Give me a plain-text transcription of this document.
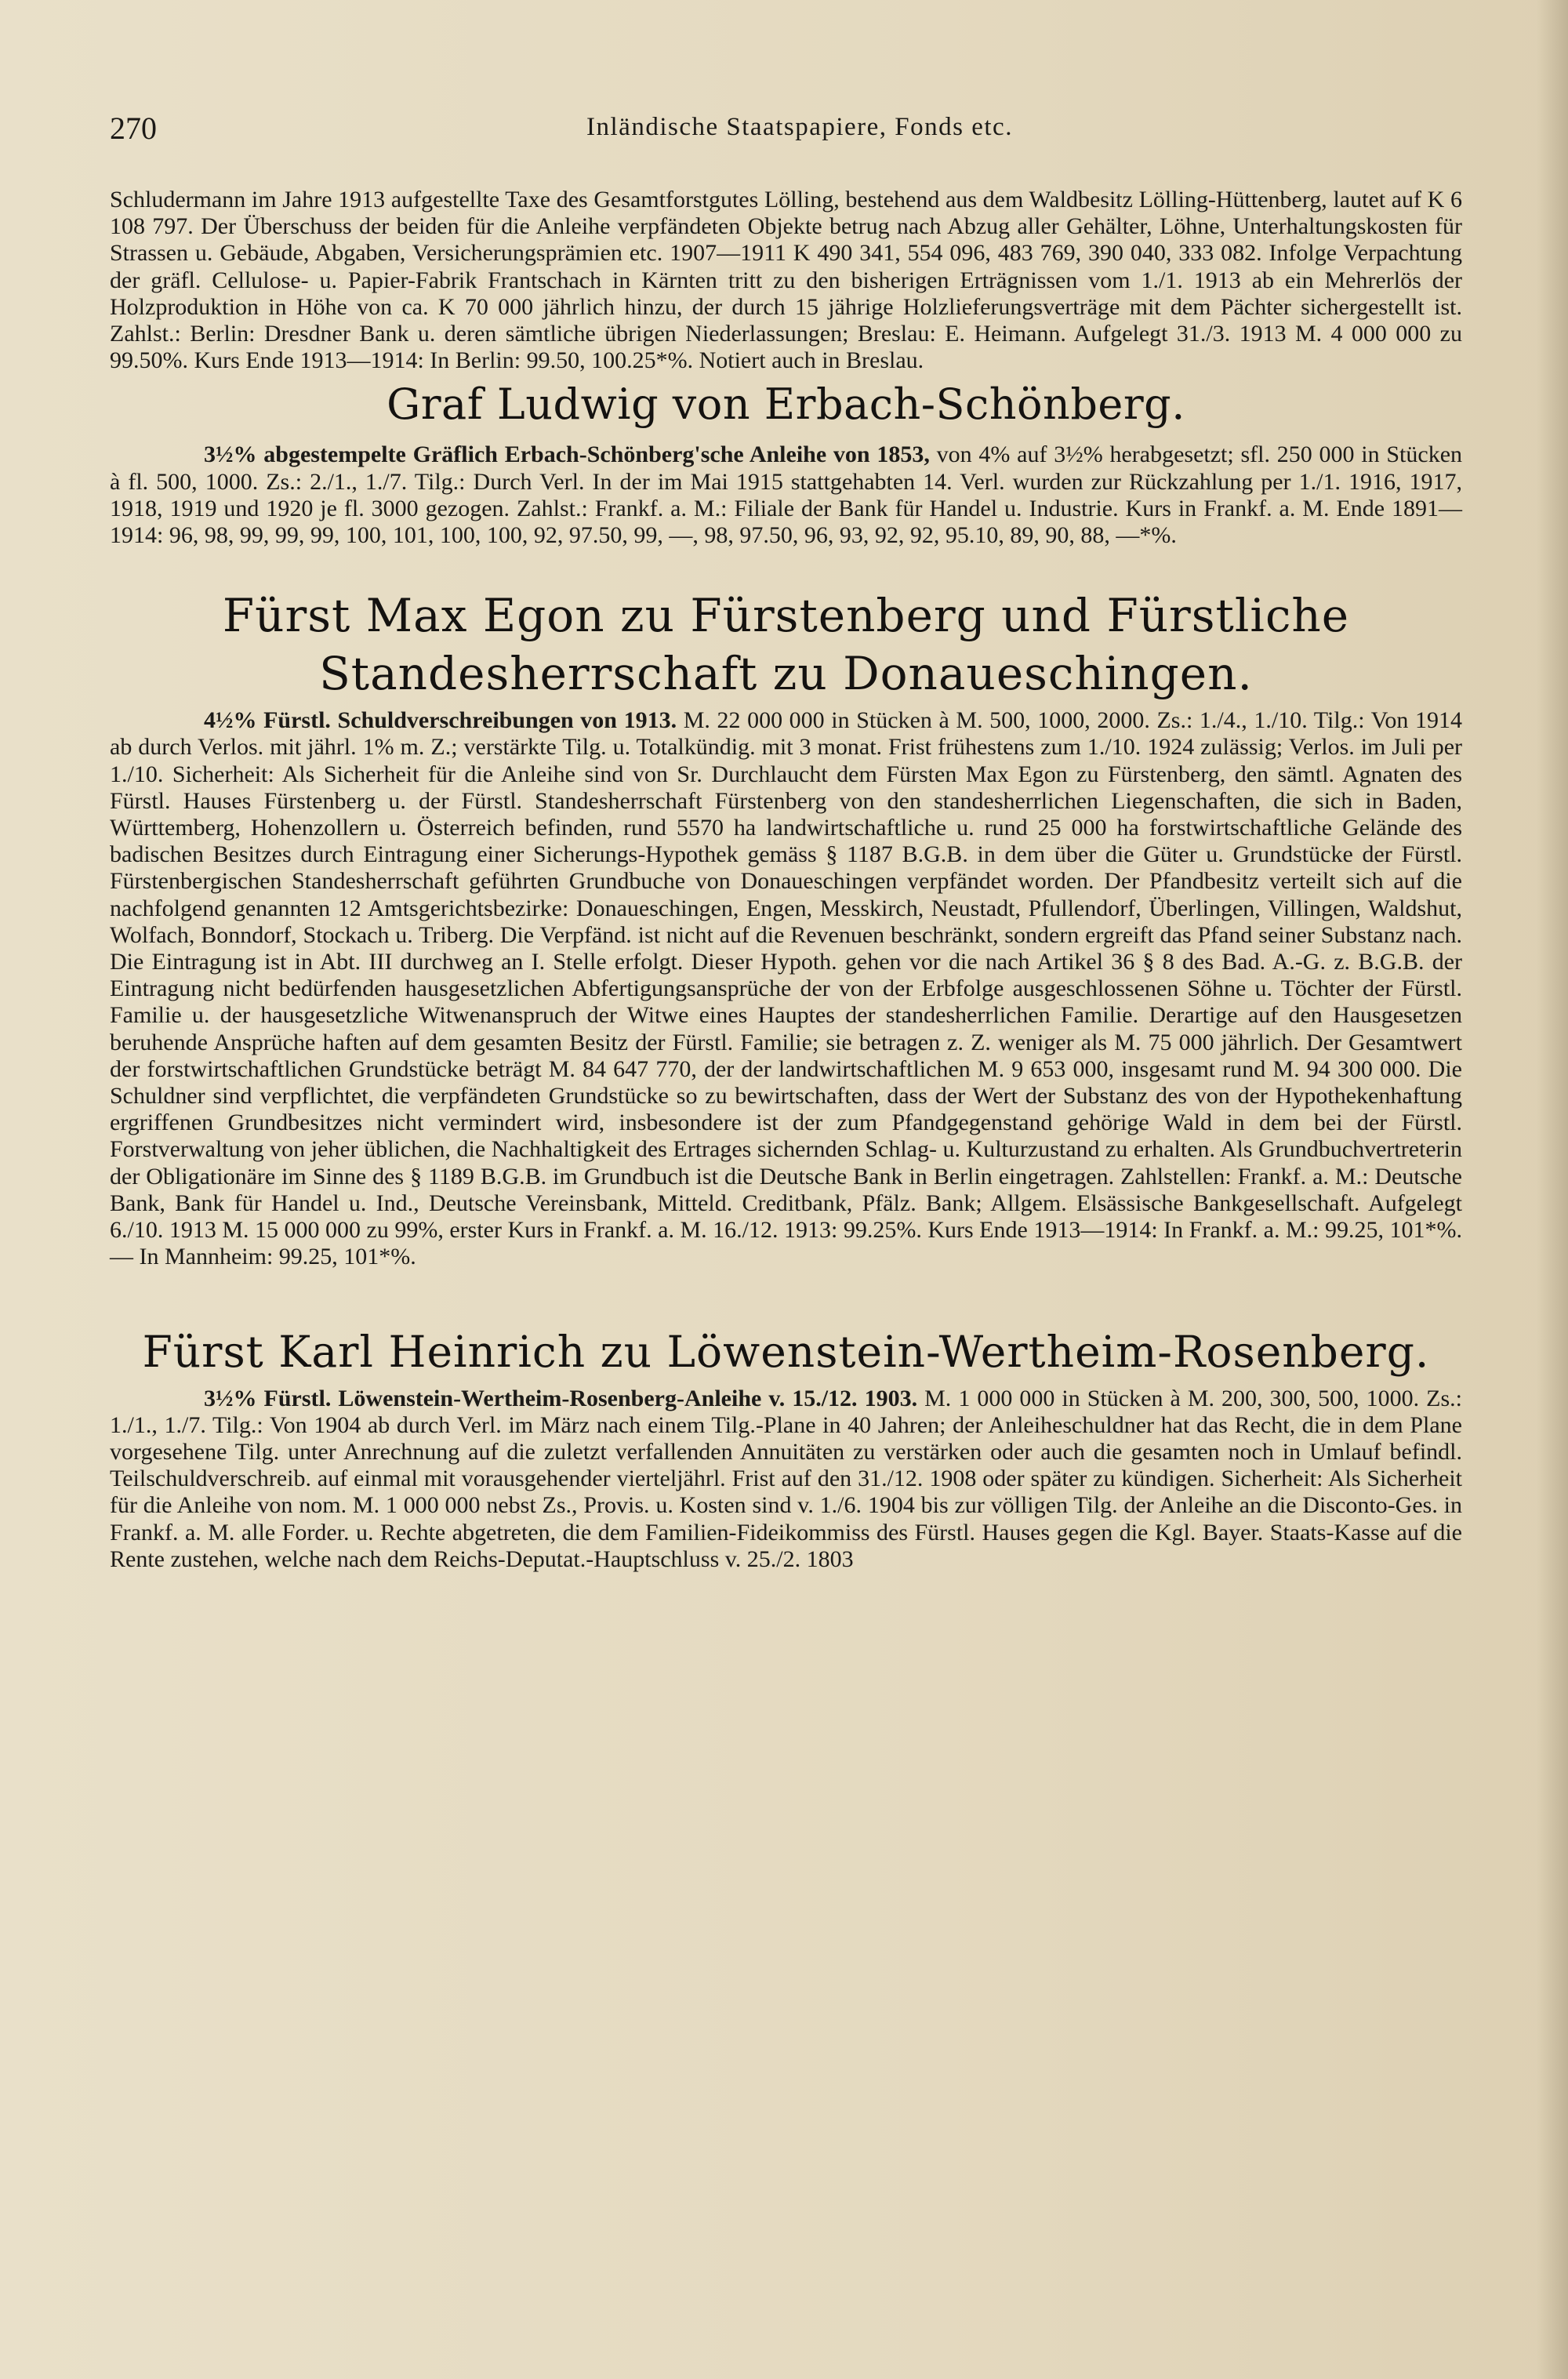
270	Inländische Staatspapiere, Fonds etc.

Schludermann im Jahre 1913 aufgestellte Taxe des Gesamtforstgutes Lölling, bestehend aus dem Waldbesitz Lölling-Hüttenberg, lautet auf K 6 108 797. Der Überschuss der beiden für die Anleihe verpfändeten Objekte betrug nach Abzug aller Gehälter, Löhne, Unterhaltungskosten für Strassen u. Gebäude, Abgaben, Versicherungsprämien etc. 1907—1911 K 490 341, 554 096, 483 769, 390 040, 333 082. Infolge Verpachtung der gräfl. Cellulose- u. Papier-Fabrik Frantschach in Kärnten tritt zu den bisherigen Erträgnissen vom 1./1. 1913 ab ein Mehrerlös der Holzproduktion in Höhe von ca. K 70 000 jährlich hinzu, der durch 15 jährige Holzlieferungsverträge mit dem Pächter sichergestellt ist. Zahlst.: Berlin: Dresdner Bank u. deren sämtliche übrigen Niederlassungen; Breslau: E. Heimann. Aufgelegt 31./3. 1913 M. 4 000 000 zu 99.50%. Kurs Ende 1913—1914: In Berlin: 99.50, 100.25*%. Notiert auch in Breslau.

Graf Ludwig von Erbach-Schönberg.

3½% abgestempelte Gräflich Erbach-Schönberg'sche Anleihe von 1853, von 4% auf 3½% herabgesetzt; sfl. 250 000 in Stücken à fl. 500, 1000. Zs.: 2./1., 1./7. Tilg.: Durch Verl. In der im Mai 1915 stattgehabten 14. Verl. wurden zur Rückzahlung per 1./1. 1916, 1917, 1918, 1919 und 1920 je fl. 3000 gezogen. Zahlst.: Frankf. a. M.: Filiale der Bank für Handel u. Industrie. Kurs in Frankf. a. M. Ende 1891—1914: 96, 98, 99, 99, 99, 100, 101, 100, 100, 92, 97.50, 99, —, 98, 97.50, 96, 93, 92, 92, 95.10, 89, 90, 88, —*%.

Fürst Max Egon zu Fürstenberg und Fürstliche Standesherrschaft zu Donaueschingen.

4½% Fürstl. Schuldverschreibungen von 1913. M. 22 000 000 in Stücken à M. 500, 1000, 2000. Zs.: 1./4., 1./10. Tilg.: Von 1914 ab durch Verlos. mit jährl. 1% m. Z.; verstärkte Tilg. u. Totalkündig. mit 3 monat. Frist frühestens zum 1./10. 1924 zulässig; Verlos. im Juli per 1./10. Sicherheit: Als Sicherheit für die Anleihe sind von Sr. Durchlaucht dem Fürsten Max Egon zu Fürstenberg, den sämtl. Agnaten des Fürstl. Hauses Fürstenberg u. der Fürstl. Standesherrschaft Fürstenberg von den standesherrlichen Liegenschaften, die sich in Baden, Württemberg, Hohenzollern u. Österreich befinden, rund 5570 ha landwirtschaftliche u. rund 25 000 ha forstwirtschaftliche Gelände des badischen Besitzes durch Eintragung einer Sicherungs-Hypothek gemäss § 1187 B.G.B. in dem über die Güter u. Grundstücke der Fürstl. Fürstenbergischen Standesherrschaft geführten Grundbuche von Donaueschingen verpfändet worden. Der Pfandbesitz verteilt sich auf die nachfolgend genannten 12 Amtsgerichtsbezirke: Donaueschingen, Engen, Messkirch, Neustadt, Pfullendorf, Überlingen, Villingen, Waldshut, Wolfach, Bonndorf, Stockach u. Triberg. Die Verpfänd. ist nicht auf die Revenuen beschränkt, sondern ergreift das Pfand seiner Substanz nach. Die Eintragung ist in Abt. III durchweg an I. Stelle erfolgt. Dieser Hypoth. gehen vor die nach Artikel 36 § 8 des Bad. A.-G. z. B.G.B. der Eintragung nicht bedürfenden hausgesetzlichen Abfertigungsansprüche der von der Erbfolge ausgeschlossenen Söhne u. Töchter der Fürstl. Familie u. der hausgesetzliche Witwenanspruch der Witwe eines Hauptes der standesherrlichen Familie. Derartige auf den Hausgesetzen beruhende Ansprüche haften auf dem gesamten Besitz der Fürstl. Familie; sie betragen z. Z. weniger als M. 75 000 jährlich. Der Gesamtwert der forstwirtschaftlichen Grundstücke beträgt M. 84 647 770, der der landwirtschaftlichen M. 9 653 000, insgesamt rund M. 94 300 000. Die Schuldner sind verpflichtet, die verpfändeten Grundstücke so zu bewirtschaften, dass der Wert der Substanz des von der Hypothekenhaftung ergriffenen Grundbesitzes nicht vermindert wird, insbesondere ist der zum Pfandgegenstand gehörige Wald in dem bei der Fürstl. Forstverwaltung von jeher üblichen, die Nachhaltigkeit des Ertrages sichernden Schlag- u. Kulturzustand zu erhalten. Als Grundbuchvertreterin der Obligationäre im Sinne des § 1189 B.G.B. im Grundbuch ist die Deutsche Bank in Berlin eingetragen. Zahlstellen: Frankf. a. M.: Deutsche Bank, Bank für Handel u. Ind., Deutsche Vereinsbank, Mitteld. Creditbank, Pfälz. Bank; Allgem. Elsässische Bankgesellschaft. Aufgelegt 6./10. 1913 M. 15 000 000 zu 99%, erster Kurs in Frankf. a. M. 16./12. 1913: 99.25%. Kurs Ende 1913—1914: In Frankf. a. M.: 99.25, 101*%. — In Mannheim: 99.25, 101*%.

Fürst Karl Heinrich zu Löwenstein-Wertheim-Rosenberg.

3½% Fürstl. Löwenstein-Wertheim-Rosenberg-Anleihe v. 15./12. 1903. M. 1 000 000 in Stücken à M. 200, 300, 500, 1000. Zs.: 1./1., 1./7. Tilg.: Von 1904 ab durch Verl. im März nach einem Tilg.-Plane in 40 Jahren; der Anleiheschuldner hat das Recht, die in dem Plane vorgesehene Tilg. unter Anrechnung auf die zuletzt verfallenden Annuitäten zu verstärken oder auch die gesamten noch in Umlauf befindl. Teilschuldverschreib. auf einmal mit vorausgehender vierteljährl. Frist auf den 31./12. 1908 oder später zu kündigen. Sicherheit: Als Sicherheit für die Anleihe von nom. M. 1 000 000 nebst Zs., Provis. u. Kosten sind v. 1./6. 1904 bis zur völligen Tilg. der Anleihe an die Disconto-Ges. in Frankf. a. M. alle Forder. u. Rechte abgetreten, die dem Familien-Fideikommiss des Fürstl. Hauses gegen die Kgl. Bayer. Staats-Kasse auf die Rente zustehen, welche nach dem Reichs-Deputat.-Hauptschluss v. 25./2. 1803
